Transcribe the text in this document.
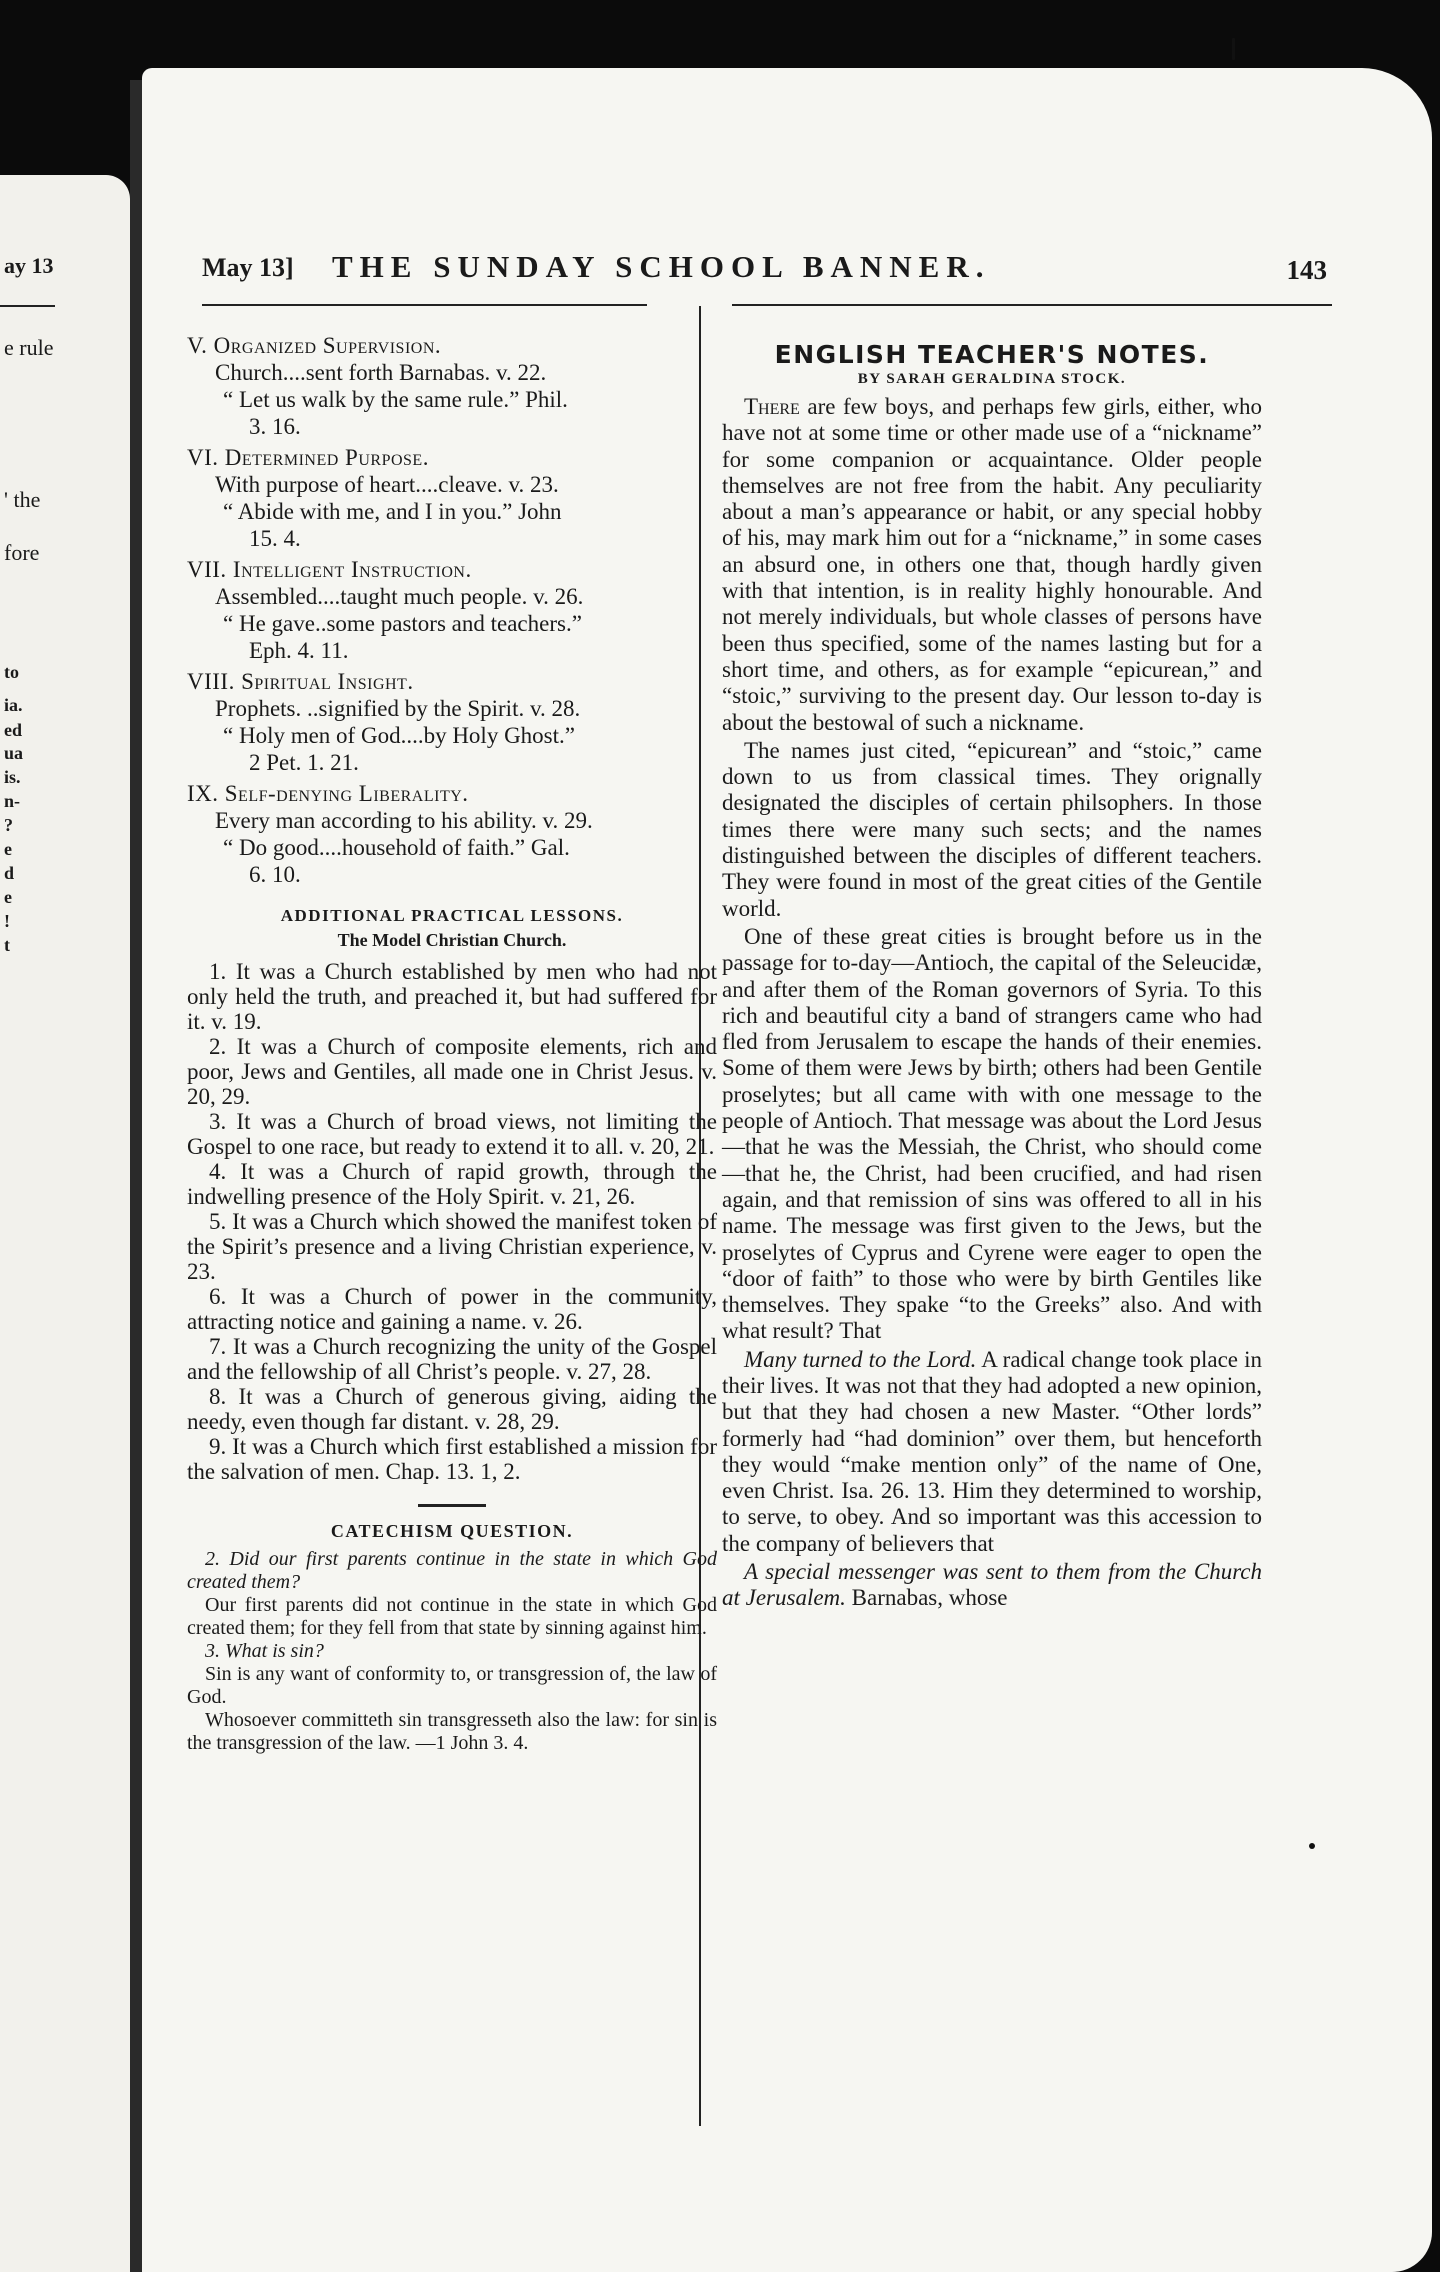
ay 13
e rule
' the
fore
to
ia.
ed
ua
is.
n-
?
e
d
e
!
t
May 13] THE SUNDAY SCHOOL BANNER.	143
V. Organized Supervision.
Church....sent forth Barnabas. v. 22.
“ Let us walk by the same rule.” Phil.
3. 16.
VI. Determined Purpose.
With purpose of heart....cleave. v. 23.
“ Abide with me, and I in you.” John
15. 4.
VII. Intelligent Instruction.
Assembled....taught much people. v. 26.
“ He gave..some pastors and teachers.”
Eph. 4. 11.
VIII. Spiritual Insight.
Prophets. ..signified by the Spirit. v. 28.
“ Holy men of God....by Holy Ghost.”
2 Pet. 1. 21.
IX. Self-denying Liberality.
Every man according to his ability. v. 29.
“ Do good....household of faith.” Gal.
6. 10.
ADDITIONAL PRACTICAL LESSONS.
The Model Christian Church.

1. It was a Church established by men who had not only held the truth, and preached it, but had suffered for it. v. 19.

2. It was a Church of composite elements, rich and poor, Jews and Gentiles, all made one in Christ Jesus. v. 20, 29.

3. It was a Church of broad views, not limiting the Gospel to one race, but ready to extend it to all. v. 20, 21.

4. It was a Church of rapid growth, through the indwelling presence of the Holy Spirit. v. 21, 26.

5. It was a Church which showed the manifest token of the Spirit’s presence and a living Christian experience, v. 23.

6. It was a Church of power in the community, attracting notice and gaining a name. v. 26.

7. It was a Church recognizing the unity of the Gospel and the fellowship of all Christ’s people. v. 27, 28.

8. It was a Church of generous giving, aiding the needy, even though far distant. v. 28, 29.

9. It was a Church which first established a mission for the salvation of men. Chap. 13. 1, 2.

CATECHISM QUESTION.

2. Did our first parents continue in the state in which God created them?

Our first parents did not continue in the state in which God created them; for they fell from that state by sinning against him.

3. What is sin?

Sin is any want of conformity to, or transgression of, the law of God.

Whosoever committeth sin transgresseth also the law: for sin is the transgression of the law. —1 John 3. 4.

ENGLISH TEACHER'S NOTES.
BY SARAH GERALDINA STOCK.

There are few boys, and perhaps few girls, either, who have not at some time or other made use of a “nickname” for some companion or acquaintance. Older people themselves are not free from the habit. Any peculiarity about a man’s appearance or habit, or any special hobby of his, may mark him out for a “nickname,” in some cases an absurd one, in others one that, though hardly given with that intention, is in reality highly honourable. And not merely individuals, but whole classes of persons have been thus specified, some of the names lasting but for a short time, and others, as for example “epicurean,” and “stoic,” surviving to the present day. Our lesson to-day is about the bestowal of such a nickname.

The names just cited, “epicurean” and “stoic,” came down to us from classical times. They orignally designated the disciples of certain philsophers. In those times there were many such sects; and the names distinguished between the disciples of different teachers. They were found in most of the great cities of the Gentile world.

One of these great cities is brought before us in the passage for to-day—Antioch, the capital of the Seleucidæ, and after them of the Roman governors of Syria. To this rich and beautiful city a band of strangers came who had fled from Jerusalem to escape the hands of their enemies. Some of them were Jews by birth; others had been Gentile proselytes; but all came with with one message to the people of Antioch. That message was about the Lord Jesus—that he was the Messiah, the Christ, who should come—that he, the Christ, had been crucified, and had risen again, and that remission of sins was offered to all in his name. The message was first given to the Jews, but the proselytes of Cyprus and Cyrene were eager to open the “door of faith” to those who were by birth Gentiles like themselves. They spake “to the Greeks” also. And with what result? That

Many turned to the Lord. A radical change took place in their lives. It was not that they had adopted a new opinion, but that they had chosen a new Master. “Other lords” formerly had “had dominion” over them, but henceforth they would “make mention only” of the name of One, even Christ. Isa. 26. 13. Him they determined to worship, to serve, to obey. And so important was this accession to the company of believers that

A special messenger was sent to them from the Church at Jerusalem. Barnabas, whose
